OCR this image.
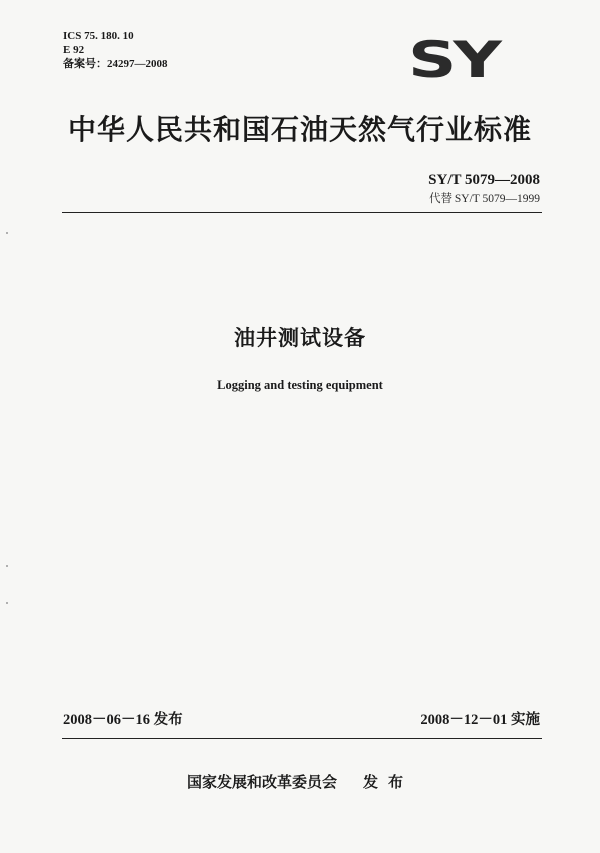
ICS 75. 180. 10
E 92
备案号：24297—2008	SY
中华人民共和国石油天然气行业标准
SY/T 5079—2008
代替 SY/T 5079—1999
油井测试设备
Logging and testing equipment
2008－06－16 发布	2008－12－01 实施
国家发展和改革委员会 发布
